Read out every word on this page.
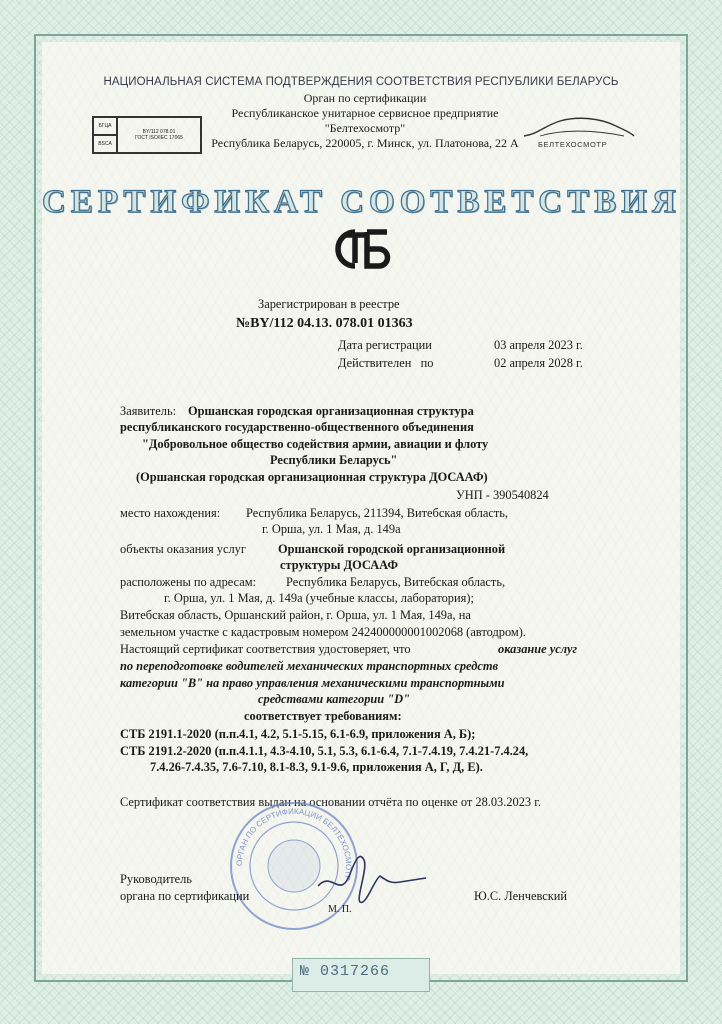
НАЦИОНАЛЬНАЯ СИСТЕМА ПОДТВЕРЖДЕНИЯ СООТВЕТСТВИЯ РЕСПУБЛИКИ БЕЛАРУСЬ
Орган по сертификации
Республиканское унитарное сервисное предприятие
"Белтехосмотр"
Республика Беларусь, 220005, г. Минск, ул. Платонова, 22 А
БГЦА
BY/112 078.01
ГОСТ ISO/IEC 17065
BSCA	БЕЛТЕХОСМОТР
СЕРТИФИКАТ СООТВЕТСТВИЯ
Зарегистрирован в реестре
№BY/112 04.13. 078.01 01363
Дата регистрации	03 апреля 2023 г.
Действителен   по	02 апреля 2028 г.
Заявитель: Оршанская городская организационная структура
республиканского государственно-общественного объединения
"Добровольное общество содействия армии, авиации и флоту
Республики Беларусь"
(Оршанская городская организационная структура ДОСААФ)
УНП - 390540824
место нахождения: Республика Беларусь, 211394, Витебская область,
г. Орша, ул. 1 Мая, д. 149а
объекты оказания услуг	Оршанской городской организационной
структуры ДОСААФ
расположены по адресам: Республика Беларусь, Витебская область,
г. Орша, ул. 1 Мая, д. 149а (учебные классы, лаборатория);
Витебская область, Оршанский район, г. Орша, ул. 1 Мая, 149а, на
земельном участке с кадастровым номером 242400000001002068 (автодром).
Настоящий сертификат соответствия удостоверяет, что	оказание услуг
по переподготовке водителей механических транспортных средств
категории "B" на право управления механическими транспортными
средствами категории "D"
соответствует требованиям:
СТБ 2191.1-2020 (п.п.4.1, 4.2, 5.1-5.15, 6.1-6.9, приложения А, Б);
СТБ 2191.2-2020 (п.п.4.1.1, 4.3-4.10, 5.1, 5.3, 6.1-6.4, 7.1-7.4.19, 7.4.21-7.4.24,
7.4.26-7.4.35, 7.6-7.10, 8.1-8.3, 9.1-9.6, приложения А, Г, Д, Е).
Сертификат соответствия выдан на основании отчёта по оценке от 28.03.2023 г.
ОРГАН ПО СЕРТИФИКАЦИИ БЕЛТЕХОСМОТР
Руководитель
органа по сертификации
М. П.
Ю.С. Ленчевский
№ 0317266
